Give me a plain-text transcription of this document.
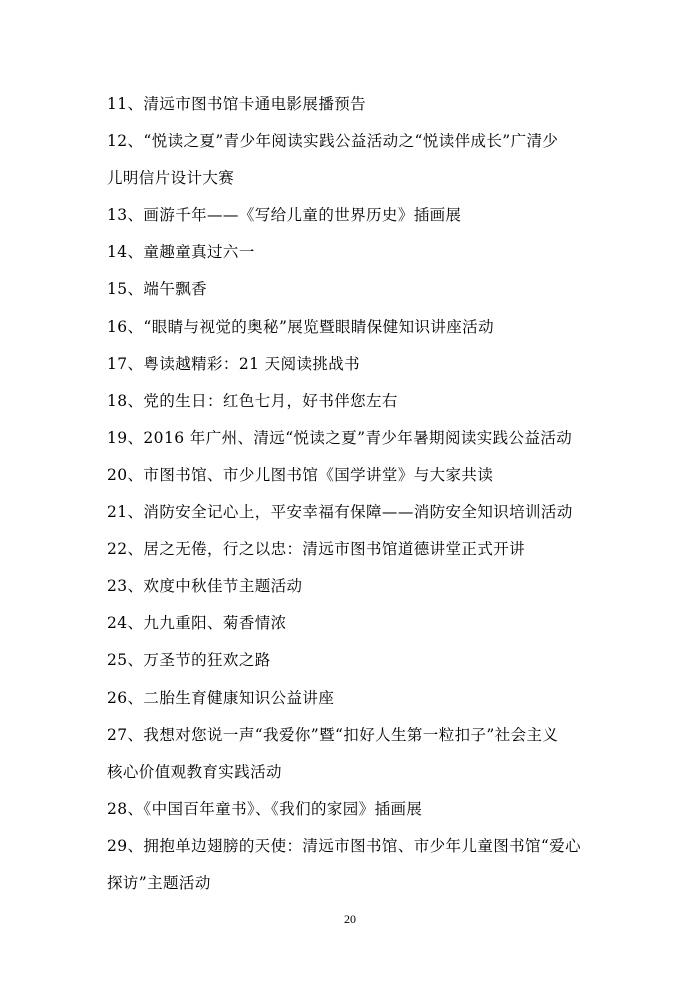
11、清远市图书馆卡通电影展播预告
12、“悦读之夏”青少年阅读实践公益活动之“悦读伴成长”广清少
儿明信片设计大赛
13、画游千年——《写给儿童的世界历史》插画展
14、童趣童真过六一
15、端午飘香
16、“眼睛与视觉的奥秘”展览暨眼睛保健知识讲座活动
17、粤读越精彩：21 天阅读挑战书
18、党的生日：红色七月，好书伴您左右
19、2016 年广州、清远“悦读之夏”青少年暑期阅读实践公益活动
20、市图书馆、市少儿图书馆《国学讲堂》与大家共读
21、消防安全记心上，平安幸福有保障——消防安全知识培训活动
22、居之无倦，行之以忠：清远市图书馆道德讲堂正式开讲
23、欢度中秋佳节主题活动
24、九九重阳、菊香情浓
25、万圣节的狂欢之路
26、二胎生育健康知识公益讲座
27、我想对您说一声“我爱你”暨“扣好人生第一粒扣子”社会主义
核心价值观教育实践活动
28、《中国百年童书》、《我们的家园》插画展
29、拥抱单边翅膀的天使：清远市图书馆、市少年儿童图书馆“爱心
探访”主题活动
20
